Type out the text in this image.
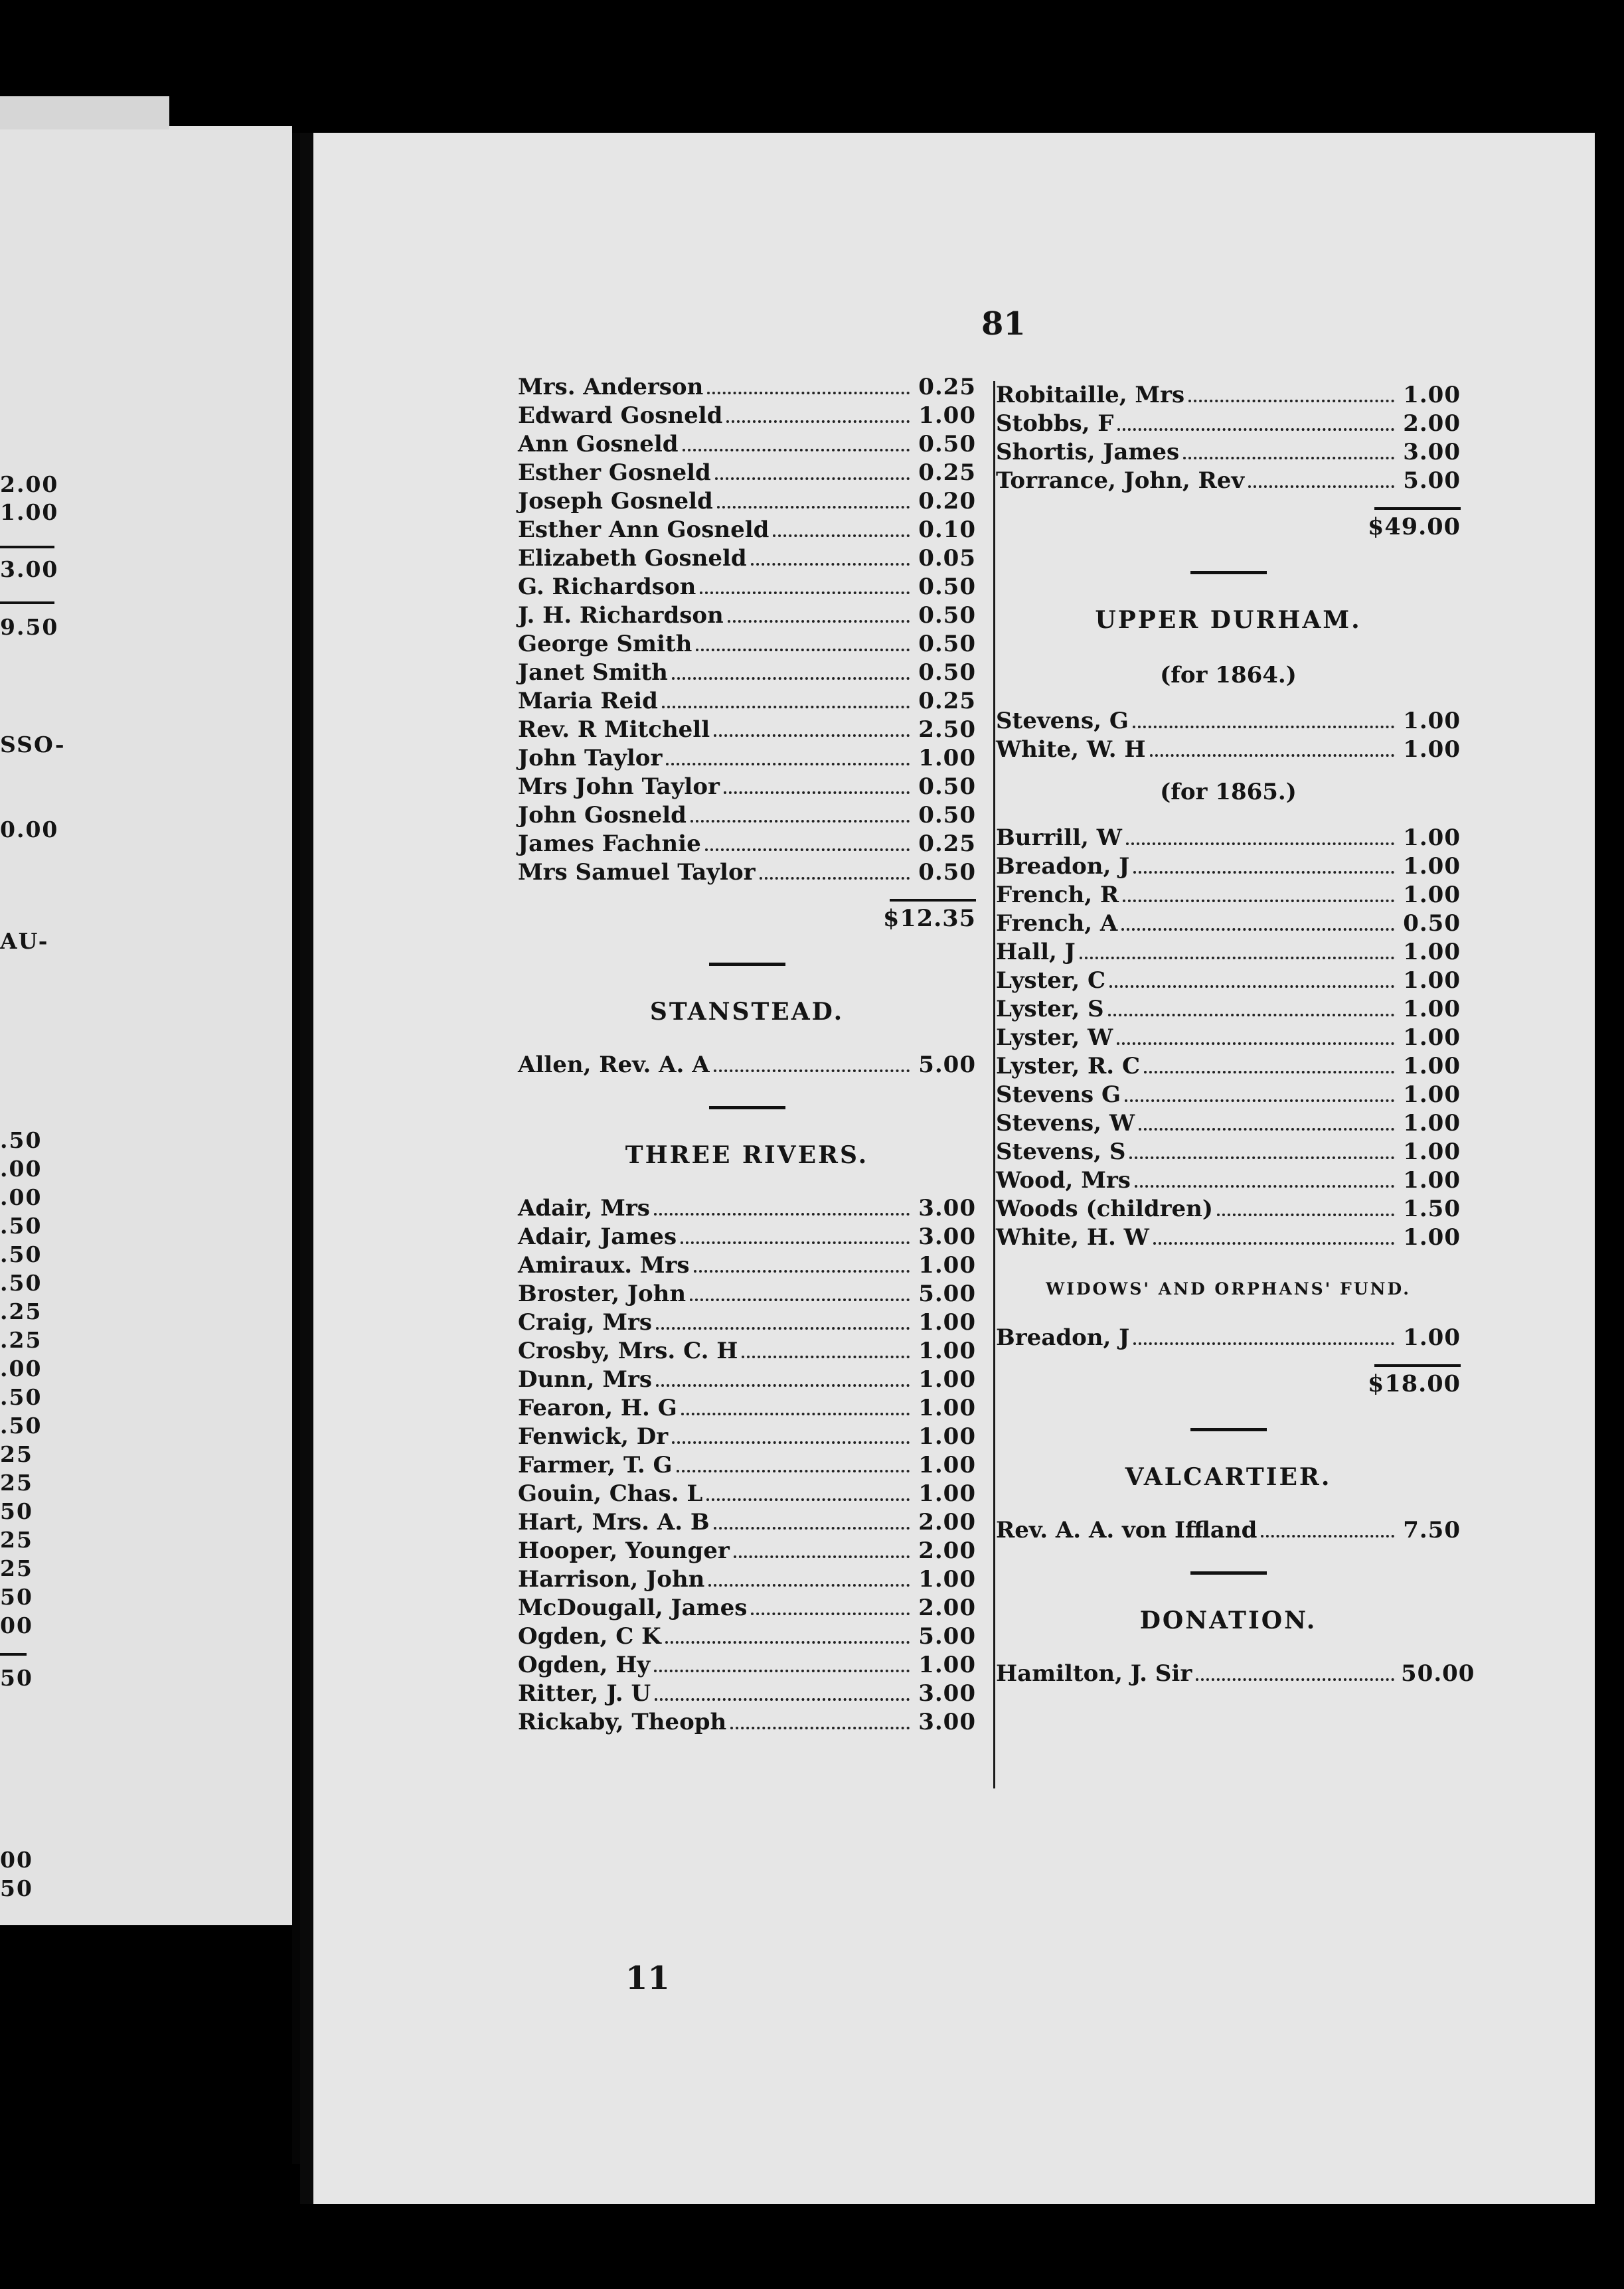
2.00
1.00
3.00
9.50
SSO-
0.00
AU-
.50
.00
.00
.50
.50
.50
.25
.25
.00
.50
.50
25
25
50
25
25
50
00
50
00
50
81
Mrs. Anderson	0.25
Edward Gosneld	1.00
Ann Gosneld	0.50
Esther Gosneld	0.25
Joseph Gosneld	0.20
Esther Ann Gosneld	0.10
Elizabeth Gosneld	0.05
G. Richardson	0.50
J. H. Richardson	0.50
George Smith	0.50
Janet Smith	0.50
Maria Reid	0.25
Rev. R Mitchell	2.50
John Taylor	1.00
Mrs John Taylor	0.50
John Gosneld	0.50
James Fachnie	0.25
Mrs Samuel Taylor	0.50
$12.35
STANSTEAD.
Allen, Rev. A. A	5.00
THREE RIVERS.
Adair, Mrs	3.00
Adair, James	3.00
Amiraux. Mrs	1.00
Broster, John	5.00
Craig, Mrs	1.00
Crosby, Mrs. C. H	1.00
Dunn, Mrs	1.00
Fearon, H. G	1.00
Fenwick, Dr	1.00
Farmer, T. G	1.00
Gouin, Chas. L	1.00
Hart, Mrs. A. B	2.00
Hooper, Younger	2.00
Harrison, John	1.00
McDougall, James	2.00
Ogden, C K	5.00
Ogden, Hy	1.00
Ritter, J. U	3.00
Rickaby, Theoph	3.00
Robitaille, Mrs	1.00
Stobbs, F	2.00
Shortis, James	3.00
Torrance, John, Rev	5.00
$49.00
UPPER DURHAM.
(for 1864.)
Stevens, G	1.00
White, W. H	1.00
(for 1865.)
Burrill, W	1.00
Breadon, J	1.00
French, R	1.00
French, A	0.50
Hall, J	1.00
Lyster, C	1.00
Lyster, S	1.00
Lyster, W	1.00
Lyster, R. C	1.00
Stevens G	1.00
Stevens, W	1.00
Stevens, S	1.00
Wood, Mrs	1.00
Woods (children)	1.50
White, H. W	1.00
WIDOWS' AND ORPHANS' FUND.
Breadon, J	1.00
$18.00
VALCARTIER.
Rev. A. A. von Iffland	7.50
DONATION.
Hamilton, J. Sir	50.00
11
